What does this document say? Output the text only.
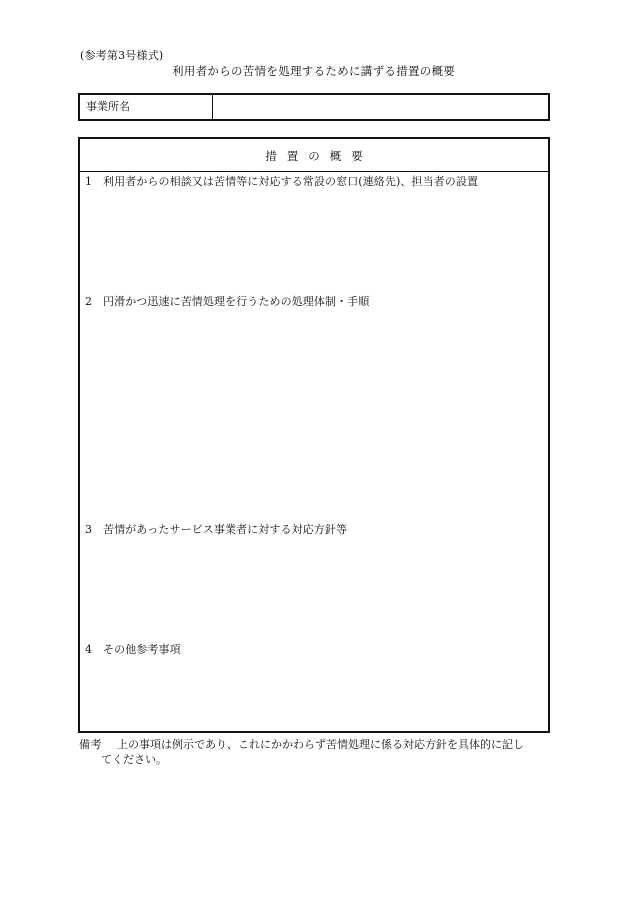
(参考第3号様式)
利用者からの苦情を処理するために講ずる措置の概要
事業所名
措置の概要
1 利用者からの相談又は苦情等に対応する常設の窓口(連絡先)、担当者の設置
2 円滑かつ迅速に苦情処理を行うための処理体制・手順
3 苦情があったサービス事業者に対する対応方針等
4 その他参考事項
備考	上の事項は例示であり、これにかかわらず苦情処理に係る対応方針を具体的に記し
てください。
